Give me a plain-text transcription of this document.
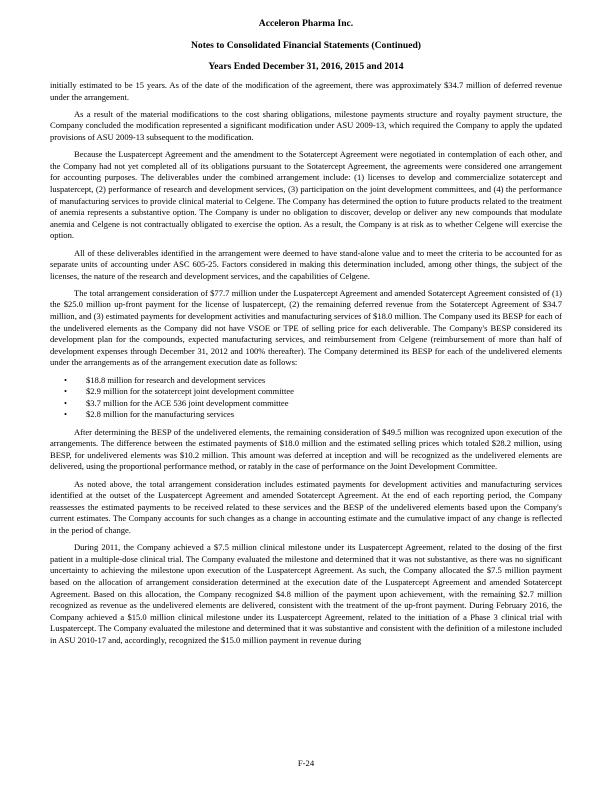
Acceleron Pharma Inc.
Notes to Consolidated Financial Statements (Continued)
Years Ended December 31, 2016, 2015 and 2014

initially estimated to be 15 years. As of the date of the modification of the agreement, there was approximately $34.7 million of deferred revenue under the arrangement.

As a result of the material modifications to the cost sharing obligations, milestone payments structure and royalty payment structure, the Company concluded the modification represented a significant modification under ASU 2009-13, which required the Company to apply the updated provisions of ASU 2009-13 subsequent to the modification.

Because the Luspatercept Agreement and the amendment to the Sotatercept Agreement were negotiated in contemplation of each other, and the Company had not yet completed all of its obligations pursuant to the Sotatercept Agreement, the agreements were considered one arrangement for accounting purposes. The deliverables under the combined arrangement include: (1) licenses to develop and commercialize sotatercept and luspatercept, (2) performance of research and development services, (3) participation on the joint development committees, and (4) the performance of manufacturing services to provide clinical material to Celgene. The Company has determined the option to future products related to the treatment of anemia represents a substantive option. The Company is under no obligation to discover, develop or deliver any new compounds that modulate anemia and Celgene is not contractually obligated to exercise the option. As a result, the Company is at risk as to whether Celgene will exercise the option.

All of these deliverables identified in the arrangement were deemed to have stand-alone value and to meet the criteria to be accounted for as separate units of accounting under ASC 605-25. Factors considered in making this determination included, among other things, the subject of the licenses, the nature of the research and development services, and the capabilities of Celgene.

The total arrangement consideration of $77.7 million under the Luspatercept Agreement and amended Sotatercept Agreement consisted of (1) the $25.0 million up-front payment for the license of luspatercept, (2) the remaining deferred revenue from the Sotatercept Agreement of $34.7 million, and (3) estimated payments for development activities and manufacturing services of $18.0 million. The Company used its BESP for each of the undelivered elements as the Company did not have VSOE or TPE of selling price for each deliverable. The Company's BESP considered its development plan for the compounds, expected manufacturing services, and reimbursement from Celgene (reimbursement of more than half of development expenses through December 31, 2012 and 100% thereafter). The Company determined its BESP for each of the undelivered elements under the arrangements as of the arrangement execution date as follows:

• $18.8 million for research and development services
• $2.9 million for the sotatercept joint development committee
• $3.7 million for the ACE 536 joint development committee
• $2.8 million for the manufacturing services

After determining the BESP of the undelivered elements, the remaining consideration of $49.5 million was recognized upon execution of the arrangements. The difference between the estimated payments of $18.0 million and the estimated selling prices which totaled $28.2 million, using BESP, for undelivered elements was $10.2 million. This amount was deferred at inception and will be recognized as the undelivered elements are delivered, using the proportional performance method, or ratably in the case of performance on the Joint Development Committee.

As noted above, the total arrangement consideration includes estimated payments for development activities and manufacturing services identified at the outset of the Luspatercept Agreement and amended Sotatercept Agreement. At the end of each reporting period, the Company reassesses the estimated payments to be received related to these services and the BESP of the undelivered elements based upon the Company's current estimates. The Company accounts for such changes as a change in accounting estimate and the cumulative impact of any change is reflected in the period of change.

During 2011, the Company achieved a $7.5 million clinical milestone under its Luspatercept Agreement, related to the dosing of the first patient in a multiple-dose clinical trial. The Company evaluated the milestone and determined that it was not substantive, as there was no significant uncertainty to achieving the milestone upon execution of the Luspatercept Agreement. As such, the Company allocated the $7.5 million payment based on the allocation of arrangement consideration determined at the execution date of the Luspatercept Agreement and amended Sotatercept Agreement. Based on this allocation, the Company recognized $4.8 million of the payment upon achievement, with the remaining $2.7 million recognized as revenue as the undelivered elements are delivered, consistent with the treatment of the up-front payment. During February 2016, the Company achieved a $15.0 million clinical milestone under its Luspatercept Agreement, related to the initiation of a Phase 3 clinical trial with Luspatercept. The Company evaluated the milestone and determined that it was substantive and consistent with the definition of a milestone included in ASU 2010-17 and, accordingly, recognized the $15.0 million payment in revenue during

F-24
